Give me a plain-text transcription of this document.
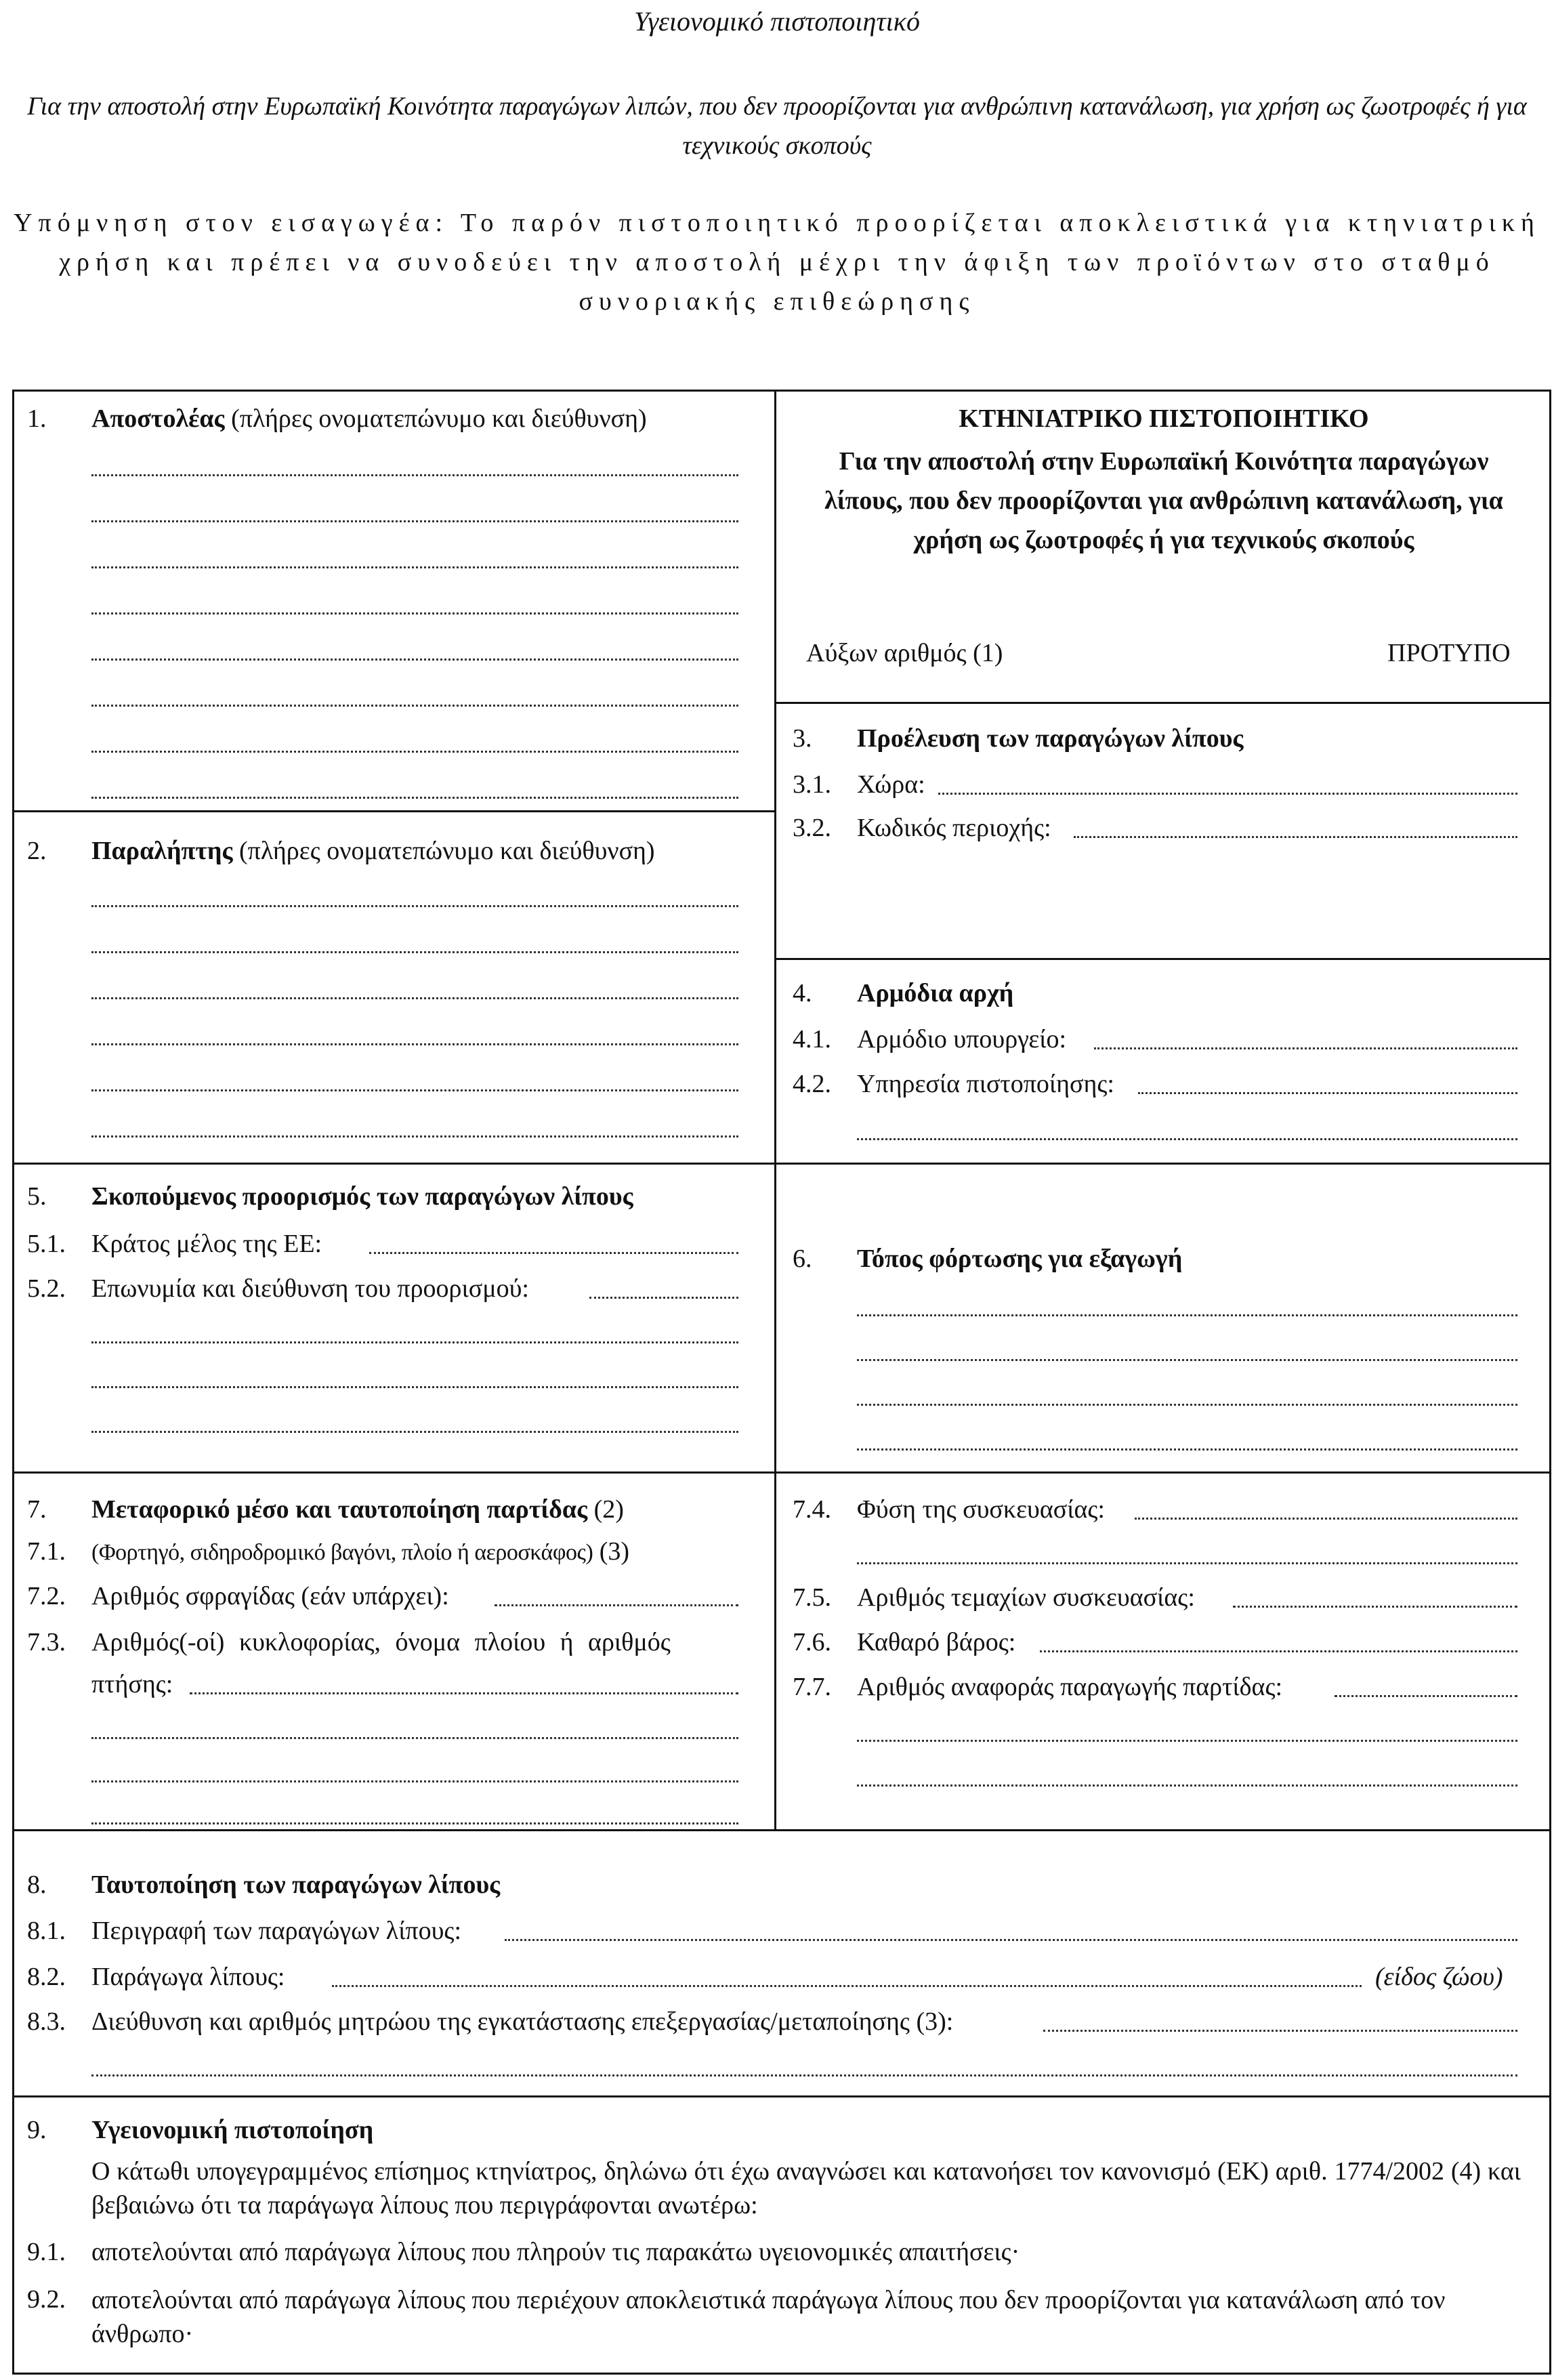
Υγειονομικό πιστοποιητικό
Για την αποστολή στην Ευρωπαϊκή Κοινότητα παραγώγων λιπών, που δεν προορίζονται για ανθρώπινη κατανάλωση, για χρήση ως ζωοτροφές ή για τεχνικούς σκοπούς
Υπόμνηση στον εισαγωγέα: Το παρόν πιστοποιητικό προορίζεται αποκλειστικά για κτηνιατρική χρήση και πρέπει να συνοδεύει την αποστολή μέχρι την άφιξη των προϊόντων στο σταθμό συνοριακής επιθεώρησης
1. Αποστολέας (πλήρες ονοματεπώνυμο και διεύθυνση)
2. Παραλήπτης (πλήρες ονοματεπώνυμο και διεύθυνση)
ΚΤΗΝΙΑΤΡΙΚΟ ΠΙΣΤΟΠΟΙΗΤΙΚΟ
Για την αποστολή στην Ευρωπαϊκή Κοινότητα παραγώγων λίπους, που δεν προορίζονται για ανθρώπινη κατανάλωση, για χρήση ως ζωοτροφές ή για τεχνικούς σκοπούς
Αύξων αριθμός (1)	ΠΡΟΤΥΠΟ
3. Προέλευση των παραγώγων λίπους
3.1. Χώρα:
3.2. Κωδικός περιοχής:
4. Αρμόδια αρχή
4.1. Αρμόδιο υπουργείο:
4.2. Υπηρεσία πιστοποίησης:
5. Σκοπούμενος προορισμός των παραγώγων λίπους
5.1. Κράτος μέλος της ΕΕ:
5.2. Επωνυμία και διεύθυνση του προορισμού:
6. Τόπος φόρτωσης για εξαγωγή
7. Μεταφορικό μέσο και ταυτοποίηση παρτίδας (2)
7.1. (Φορτηγό, σιδηροδρομικό βαγόνι, πλοίο ή αεροσκάφος) (3)
7.2. Αριθμός σφραγίδας (εάν υπάρχει):
7.3. Αριθμός(-οί) κυκλοφορίας, όνομα πλοίου ή αριθμός
πτήσης:
7.4. Φύση της συσκευασίας:
7.5. Αριθμός τεμαχίων συσκευασίας:
7.6. Καθαρό βάρος:
7.7. Αριθμός αναφοράς παραγωγής παρτίδας:
8. Ταυτοποίηση των παραγώγων λίπους
8.1. Περιγραφή των παραγώγων λίπους:
8.2. Παράγωγα λίπους:	(είδος ζώου)
8.3. Διεύθυνση και αριθμός μητρώου της εγκατάστασης επεξεργασίας/μεταποίησης (3):
9. Υγειονομική πιστοποίηση
Ο κάτωθι υπογεγραμμένος επίσημος κτηνίατρος, δηλώνω ότι έχω αναγνώσει και κατανοήσει τον κανονισμό (ΕΚ) αριθ. 1774/2002 (4) και βεβαιώνω ότι τα παράγωγα λίπους που περιγράφονται ανωτέρω:
9.1. αποτελούνται από παράγωγα λίπους που πληρούν τις παρακάτω υγειονομικές απαιτήσεις·
9.2. αποτελούνται από παράγωγα λίπους που περιέχουν αποκλειστικά παράγωγα λίπους που δεν προορίζονται για κατανάλωση από τον άνθρωπο·
